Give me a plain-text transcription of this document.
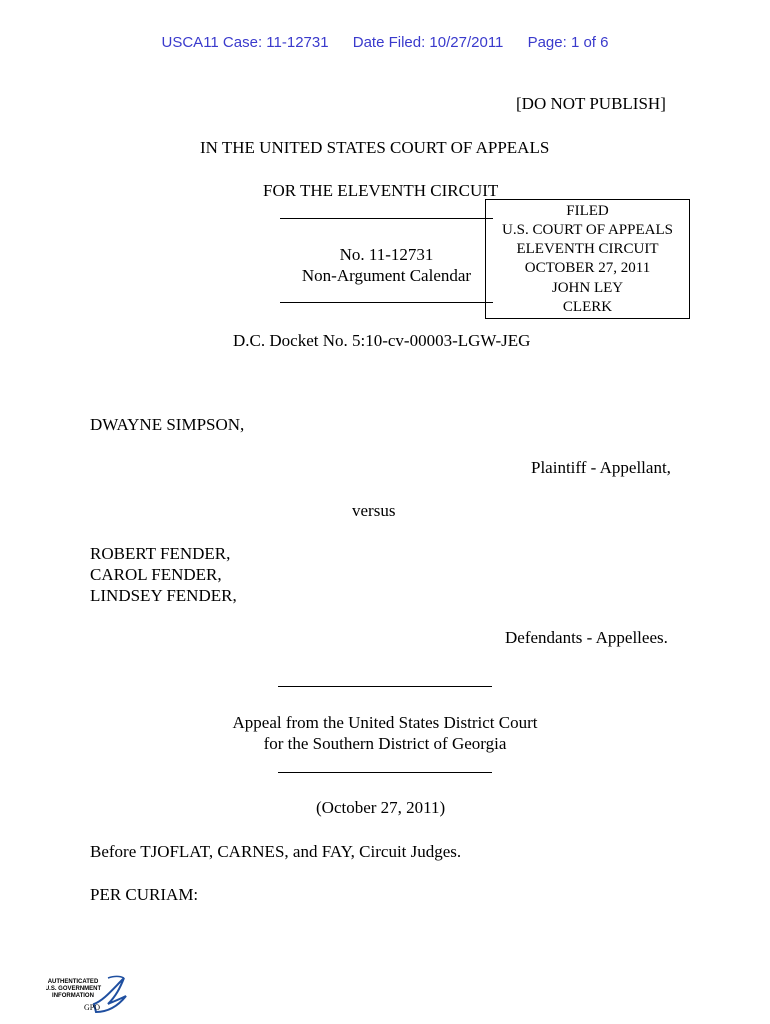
USCA11 Case: 11-12731 Date Filed: 10/27/2011 Page: 1 of 6
[DO NOT PUBLISH]
IN THE UNITED STATES COURT OF APPEALS
FOR THE ELEVENTH CIRCUIT
No. 11-12731
Non-Argument Calendar
FILED
U.S. COURT OF APPEALS
ELEVENTH CIRCUIT
OCTOBER 27, 2011
JOHN LEY
CLERK
D.C. Docket No. 5:10-cv-00003-LGW-JEG
DWAYNE SIMPSON,
Plaintiff - Appellant,
versus
ROBERT FENDER,
CAROL FENDER,
LINDSEY FENDER,
Defendants - Appellees.
Appeal from the United States District Court
for the Southern District of Georgia
(October 27, 2011)
Before TJOFLAT, CARNES, and FAY, Circuit Judges.
PER CURIAM:
AUTHENTICATED
U.S. GOVERNMENT
INFORMATION
GPO
